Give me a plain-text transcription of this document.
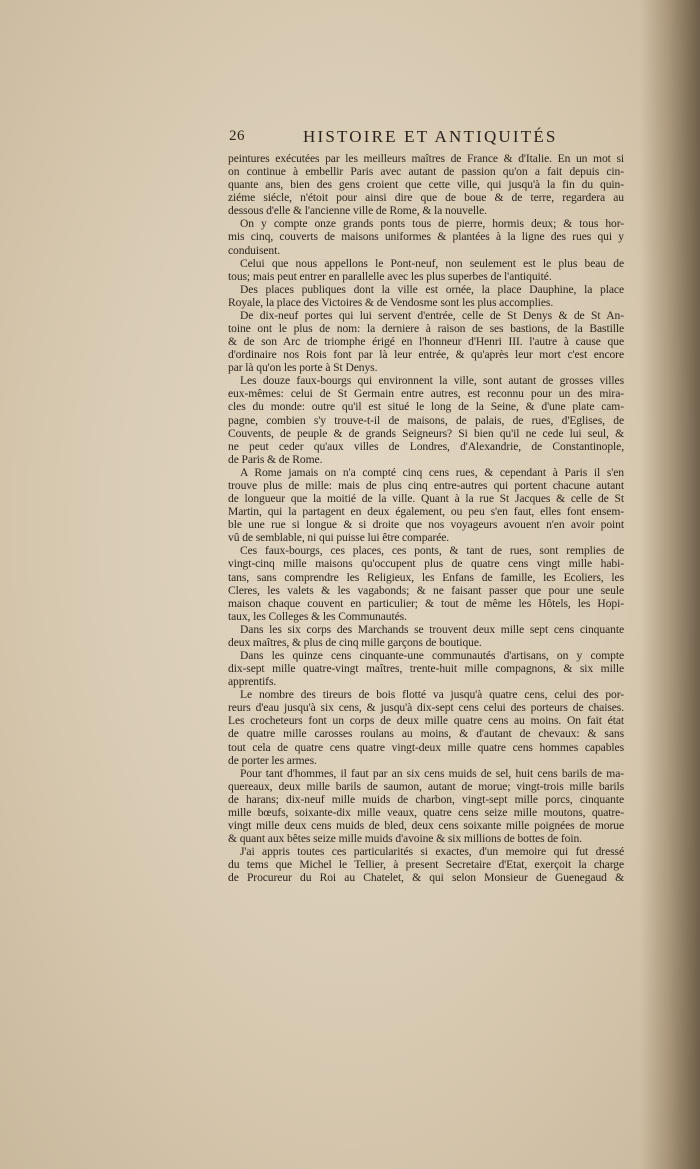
26	HISTOIRE ET ANTIQUITÉS
peintures exécutées par les meilleurs maîtres de France & d'Italie. En un mot si
on continue à embellir Paris avec autant de passion qu'on a fait depuis cin-
quante ans, bien des gens croient que cette ville, qui jusqu'à la fin du quin-
ziéme siécle, n'étoit pour ainsi dire que de boue & de terre, regardera au
dessous d'elle & l'ancienne ville de Rome, & la nouvelle.
On y compte onze grands ponts tous de pierre, hormis deux; & tous hor-
mis cinq, couverts de maisons uniformes & plantées à la ligne des rues qui y
conduisent.
Celui que nous appellons le Pont-neuf, non seulement est le plus beau de
tous; mais peut entrer en parallelle avec les plus superbes de l'antiquité.
Des places publiques dont la ville est ornée, la place Dauphine, la place
Royale, la place des Victoires & de Vendosme sont les plus accomplies.
De dix-neuf portes qui lui servent d'entrée, celle de St Denys & de St An-
toine ont le plus de nom: la derniere à raison de ses bastions, de la Bastille
& de son Arc de triomphe érigé en l'honneur d'Henri III. l'autre à cause que
d'ordinaire nos Rois font par là leur entrée, & qu'après leur mort c'est encore
par là qu'on les porte à St Denys.
Les douze faux-bourgs qui environnent la ville, sont autant de grosses villes
eux-mêmes: celui de St Germain entre autres, est reconnu pour un des mira-
cles du monde: outre qu'il est situé le long de la Seine, & d'une plate cam-
pagne, combien s'y trouve-t-il de maisons, de palais, de rues, d'Eglises, de
Couvents, de peuple & de grands Seigneurs? Si bien qu'il ne cede lui seul, &
ne peut ceder qu'aux villes de Londres, d'Alexandrie, de Constantinople,
de Paris & de Rome.
A Rome jamais on n'a compté cinq cens rues, & cependant à Paris il s'en
trouve plus de mille: mais de plus cinq entre-autres qui portent chacune autant
de longueur que la moitié de la ville. Quant à la rue St Jacques & celle de St
Martin, qui la partagent en deux également, ou peu s'en faut, elles font ensem-
ble une rue si longue & si droite que nos voyageurs avouent n'en avoir point
vû de semblable, ni qui puisse lui être comparée.
Ces faux-bourgs, ces places, ces ponts, & tant de rues, sont remplies de
vingt-cinq mille maisons qu'occupent plus de quatre cens vingt mille habi-
tans, sans comprendre les Religieux, les Enfans de famille, les Ecoliers, les
Cleres, les valets & les vagabonds; & ne faisant passer que pour une seule
maison chaque couvent en particulier; & tout de même les Hôtels, les Hopi-
taux, les Colleges & les Communautés.
Dans les six corps des Marchands se trouvent deux mille sept cens cinquante
deux maîtres, & plus de cinq mille garçons de boutique.
Dans les quinze cens cinquante-une communautés d'artisans, on y compte
dix-sept mille quatre-vingt maîtres, trente-huit mille compagnons, & six mille
apprentifs.
Le nombre des tireurs de bois flotté va jusqu'à quatre cens, celui des por-
reurs d'eau jusqu'à six cens, & jusqu'à dix-sept cens celui des porteurs de chaises.
Les crocheteurs font un corps de deux mille quatre cens au moins. On fait état
de quatre mille carosses roulans au moins, & d'autant de chevaux: & sans
tout cela de quatre cens quatre vingt-deux mille quatre cens hommes capables
de porter les armes.
Pour tant d'hommes, il faut par an six cens muids de sel, huit cens barils de ma-
quereaux, deux mille barils de saumon, autant de morue; vingt-trois mille barils
de harans; dix-neuf mille muids de charbon, vingt-sept mille porcs, cinquante
mille bœufs, soixante-dix mille veaux, quatre cens seize mille moutons, quatre-
vingt mille deux cens muids de bled, deux cens soixante mille poignées de morue
& quant aux bêtes seize mille muids d'avoine & six millions de bottes de foin.
J'ai appris toutes ces particularités si exactes, d'un memoire qui fut dressé
du tems que Michel le Tellier, à present Secretaire d'Etat, exerçoit la charge
de Procureur du Roi au Chatelet, & qui selon Monsieur de Guenegaud &
